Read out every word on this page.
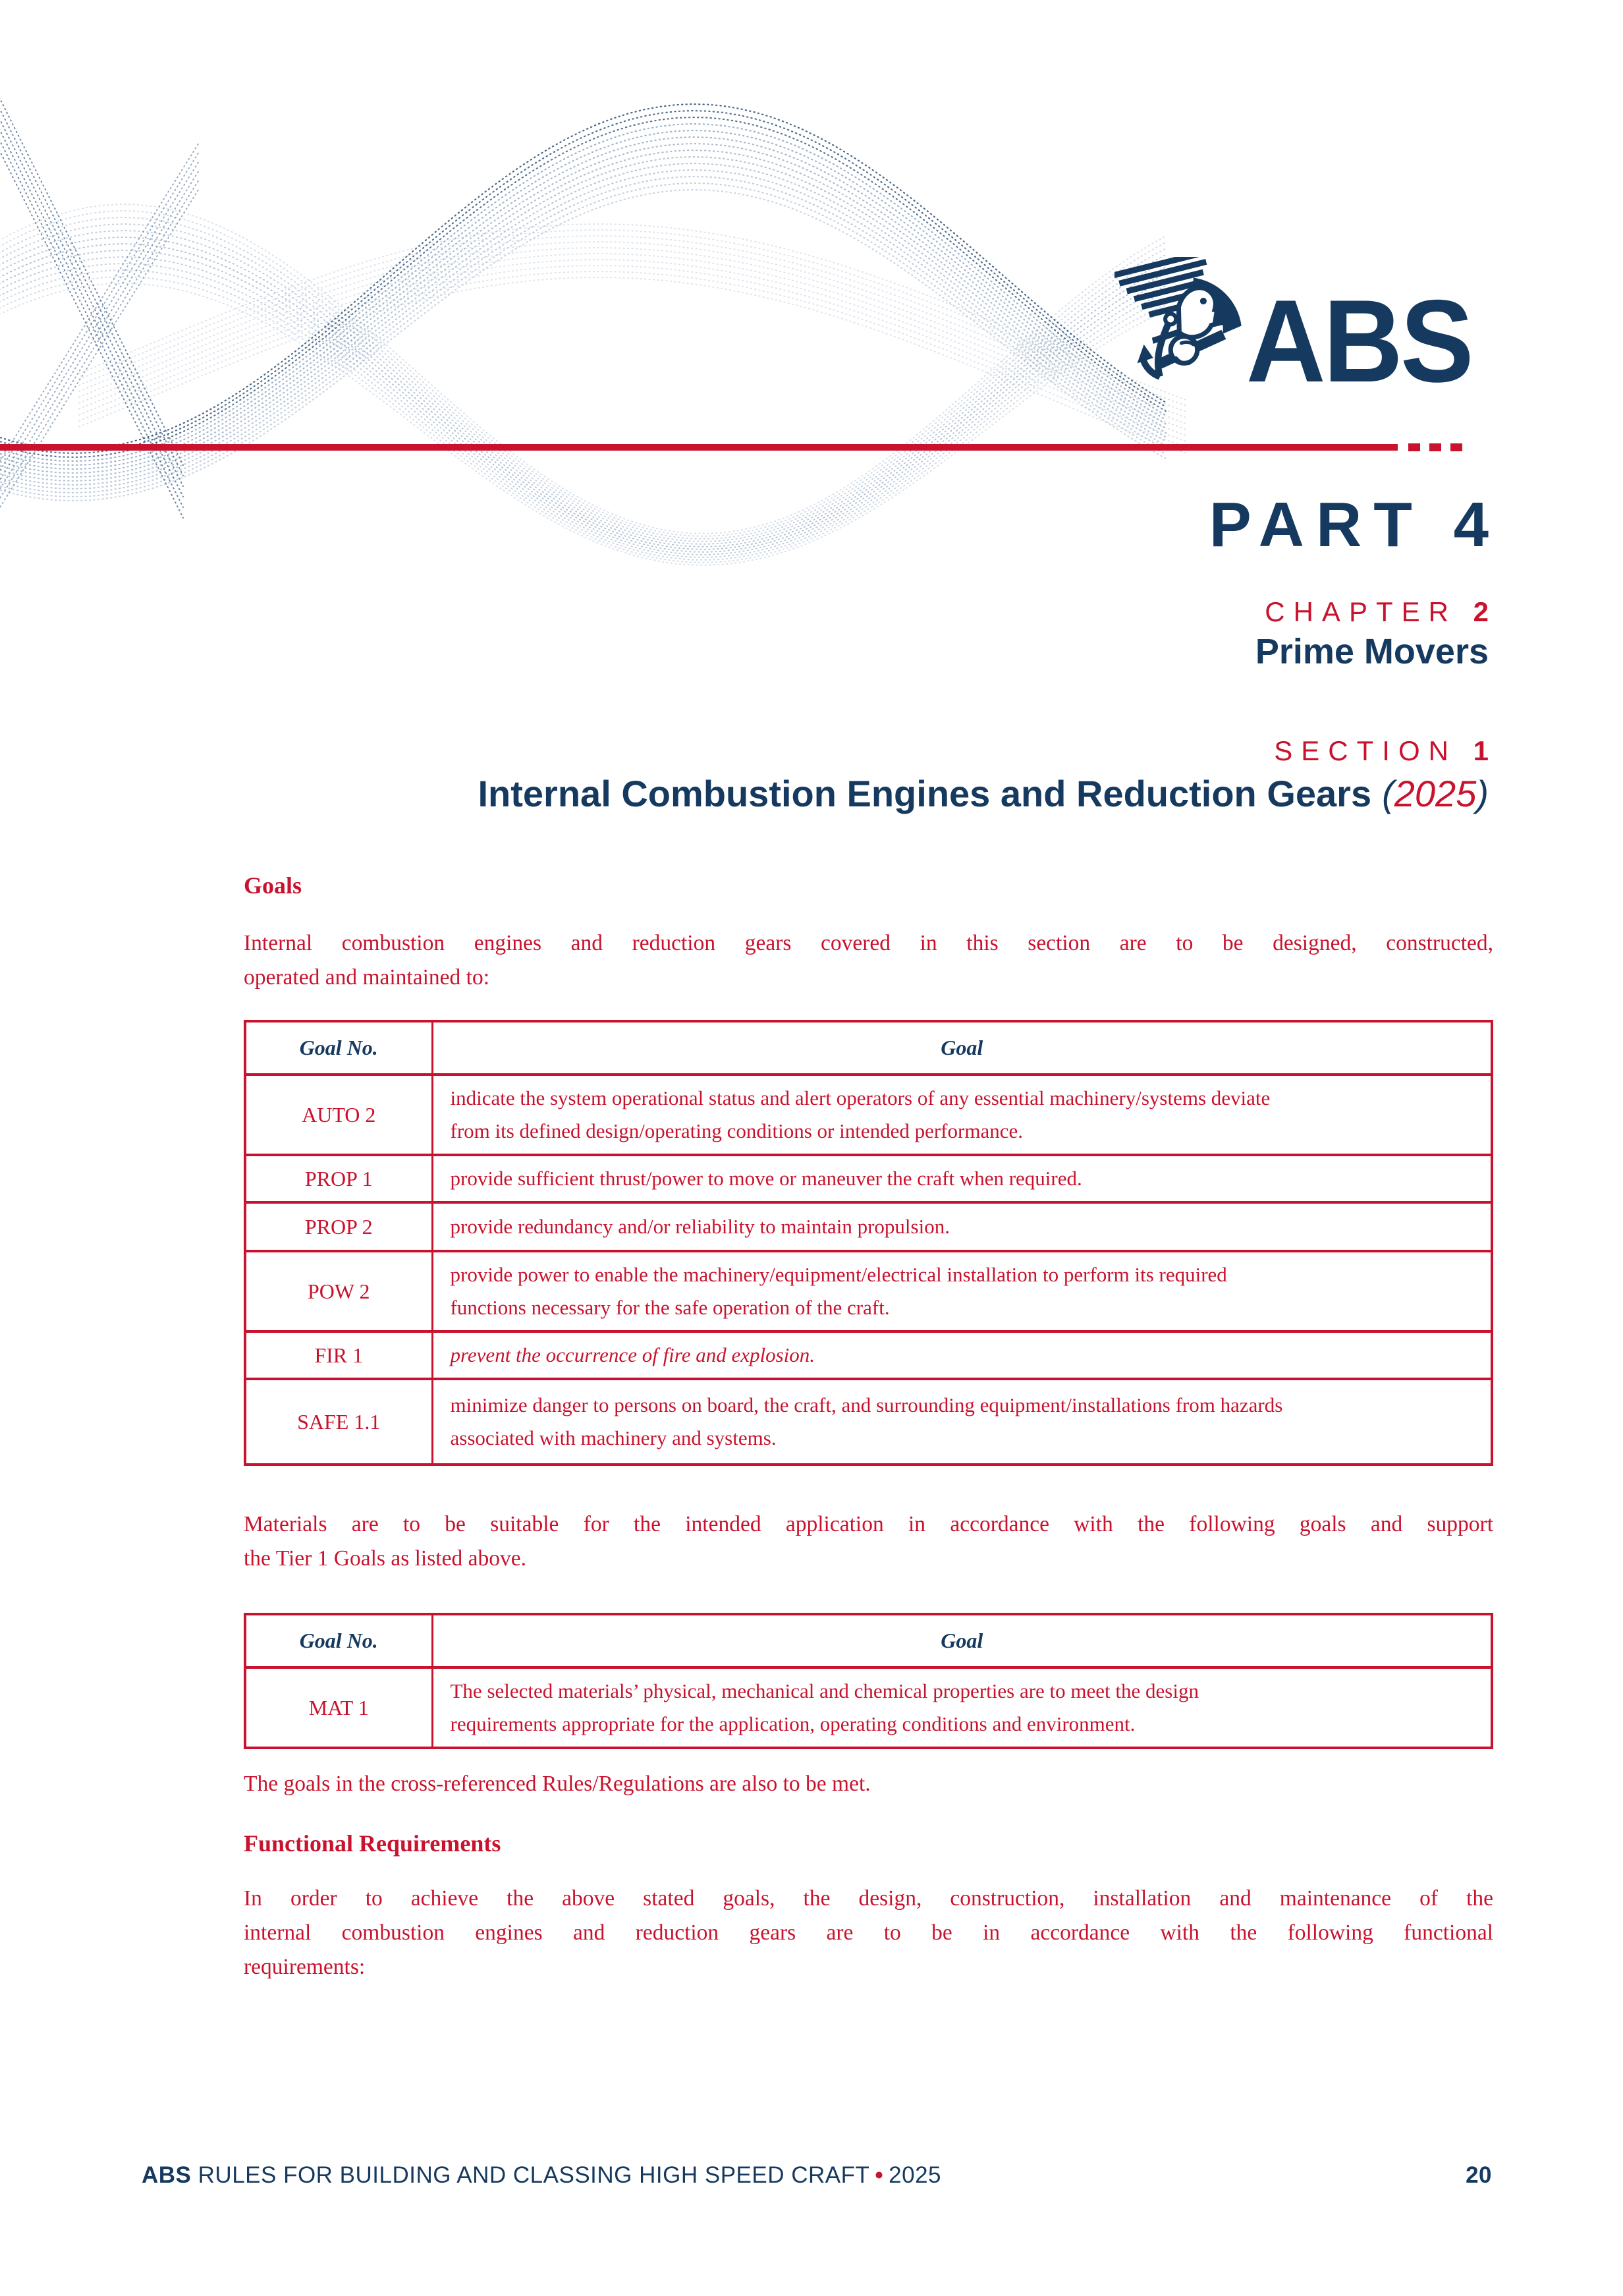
ABS
PART 4
CHAPTER 2
Prime Movers
SECTION 1
Internal Combustion Engines and Reduction Gears (2025)
Goals
Internal combustion engines and reduction gears covered in this section are to be designed, constructed,
operated and maintained to:
Goal No.	Goal
AUTO 2	indicate the system operational status and alert operators of any essential machinery/systems deviate
from its defined design/operating conditions or intended performance.

PROP 1	provide sufficient thrust/power to move or maneuver the craft when required.

PROP 2	provide redundancy and/or reliability to maintain propulsion.

POW 2	provide power to enable the machinery/equipment/electrical installation to perform its required
functions necessary for the safe operation of the craft.

FIR 1	prevent the occurrence of fire and explosion.

SAFE 1.1	minimize danger to persons on board, the craft, and surrounding equipment/installations from hazards
associated with machinery and systems.
Materials are to be suitable for the intended application in accordance with the following goals and support
the Tier 1 Goals as listed above.
Goal No.	Goal
MAT 1	The selected materials’ physical, mechanical and chemical properties are to meet the design
requirements appropriate for the application, operating conditions and environment.
The goals in the cross-referenced Rules/Regulations are also to be met.
Functional Requirements
In order to achieve the above stated goals, the design, construction, installation and maintenance of the
internal combustion engines and reduction gears are to be in accordance with the following functional
requirements:
ABS RULES FOR BUILDING AND CLASSING HIGH SPEED CRAFT • 2025	20
